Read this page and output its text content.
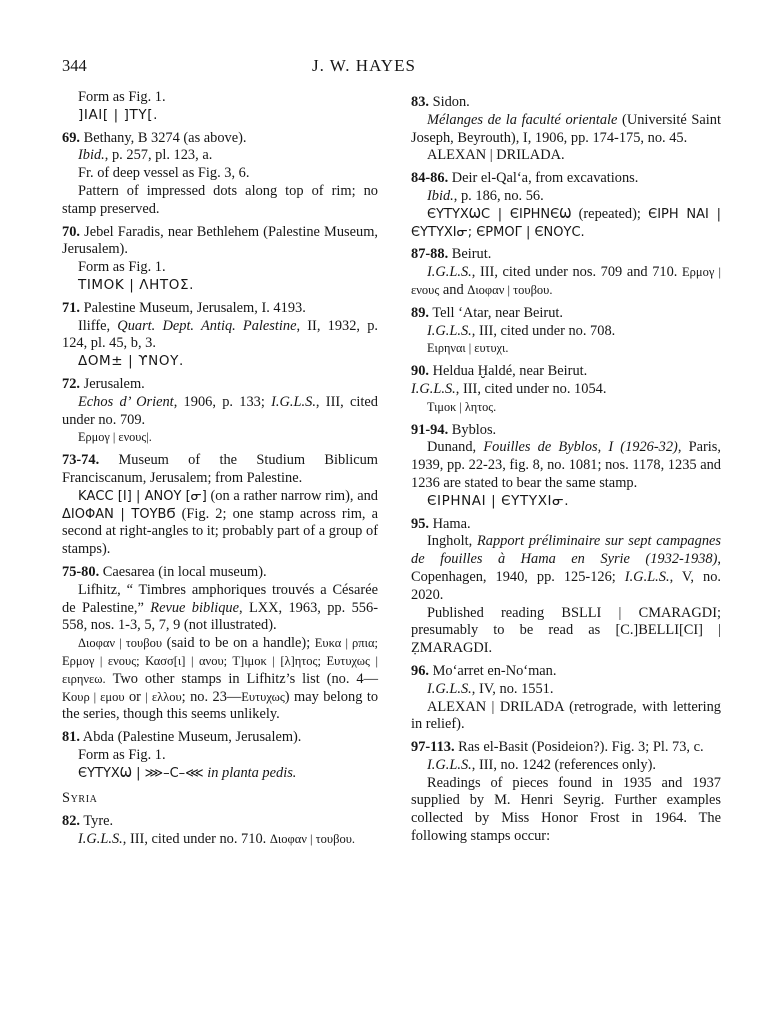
344	J. W. HAYES

Form as Fig. 1.

]ΙΑΙ[ | ]ΤΥ[.

69. Bethany, B 3274 (as above).

Ibid., p. 257, pl. 123, a.

Fr. of deep vessel as Fig. 3, 6.

Pattern of impressed dots along top of rim; no stamp preserved.

70. Jebel Faradis, near Bethlehem (Palestine Museum, Jerusalem).

Form as Fig. 1.

ΤΙΜΟΚ | ΛΗΤΟΣ.

71. Palestine Museum, Jerusalem, I. 4193.

Iliffe, Quart. Dept. Antiq. Palestine, II, 1932, p. 124, pl. 45, b, 3.

ΔΟΜ± | ϒΝΟΥ.

72. Jerusalem.

Echos d’ Orient, 1906, p. 133; I.G.L.S., III, cited under no. 709.

Ερμογ | ενους|.

73-74. Museum of the Studium Biblicum Franciscanum, Jerusalem; from Palestine.

ΚΑCC [Ι] | ΑΝΟΥ [ᓂ] (on a rather narrow rim), and ΔΙΟΦΑΝ | ΤΟΥΒϬ (Fig. 2; one stamp across rim, a second at right-angles to it; probably part of a group of stamps).

75-80. Caesarea (in local museum).

Lifhitz, “ Timbres amphoriques trouvés a Césarée de Palestine,” Revue biblique, LXX, 1963, pp. 556-558, nos. 1-3, 5, 7, 9 (not illustrated).

Διοφαν | τουβου (said to be on a handle); Ευκα | ρπια; Ερμογ | ενους; Κασσ[ι] | ανου; Τ]ιμοκ | [λ]ητος; Ευτυχως | ειρηνεω. Two other stamps in Lifhitz’s list (no. 4—Κουρ | εμου or | ελλου; no. 23—Ευτυχως) may belong to the series, though this seems unlikely.

81. Abda (Palestine Museum, Jerusalem).

Form as Fig. 1.

ЄΥΤΥΧѠ | ⋙–C–⋘ in planta pedis.

Syria

82. Tyre.

I.G.L.S., III, cited under no. 710. Διοφαν | τουβου.

83. Sidon.

Mélanges de la faculté orientale (Université Saint Joseph, Beyrouth), I, 1906, pp. 174-175, no. 45.

ALEXAN | DRILADA.

84-86. Deir el-Qal‘a, from excavations.

Ibid., p. 186, no. 56.

ЄΥΤΥΧѠC | ЄΙΡΗΝЄѠ (repeated); ЄΙΡΗ ΝΑΙ | ЄΥΤΥΧΙᓂ; ЄΡΜΟΓ | ЄΝΟΥC.

87-88. Beirut.

I.G.L.S., III, cited under nos. 709 and 710. Ερμογ | ενους and Διοφαν | τουβου.

89. Tell ‘Atar, near Beirut.

I.G.L.S., III, cited under no. 708.

Ειρηναι | ευτυχι.

90. Heldua Ḫaldé, near Beirut.

I.G.L.S., III, cited under no. 1054.

Τιμοκ | λητος.

91-94. Byblos.

Dunand, Fouilles de Byblos, I (1926-32), Paris, 1939, pp. 22-23, fig. 8, no. 1081; nos. 1178, 1235 and 1236 are stated to bear the same stamp.

ЄΙΡΗΝΑΙ | ЄΥΤΥΧΙᓂ.

95. Hama.

Ingholt, Rapport préliminaire sur sept campagnes de fouilles à Hama en Syrie (1932-1938), Copenhagen, 1940, pp. 125-126; I.G.L.S., V, no. 2020.

Published reading BSLLI | CMARAGDI; presumably to be read as [C.]BELLI[CI] | ẒMARAGDI.

96. Mo‘arret en-No‘man.

I.G.L.S., IV, no. 1551.

ALEXAN | DRILADA (retrograde, with lettering in relief).

97-113. Ras el-Basit (Posideion?). Fig. 3; Pl. 73, c.

I.G.L.S., III, no. 1242 (references only).

Readings of pieces found in 1935 and 1937 supplied by M. Henri Seyrig. Further examples collected by Miss Honor Frost in 1964. The following stamps occur:
